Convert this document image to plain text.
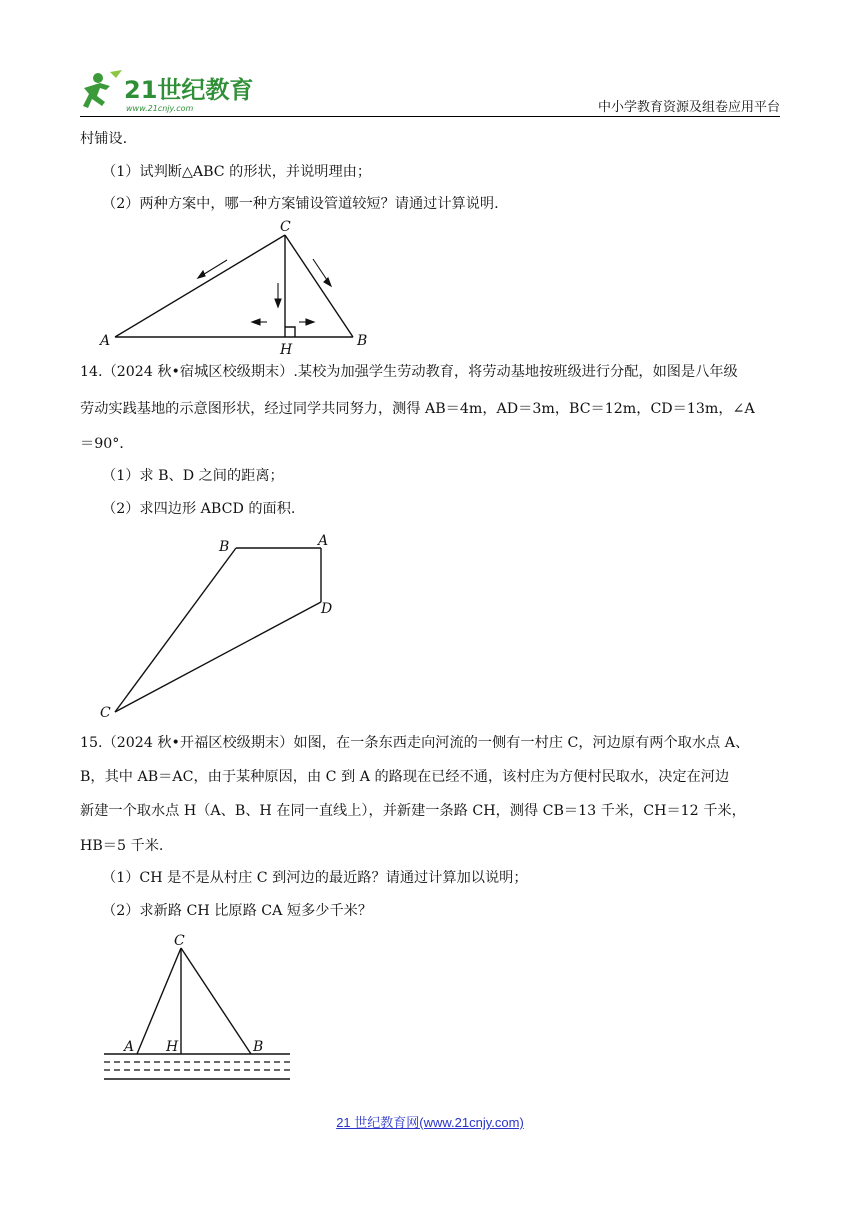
21世纪教育
www.21cnjy.com	中小学教育资源及组卷应用平台
村铺设.
（1）试判断△ABC 的形状，并说明理由；
（2）两种方案中，哪一种方案铺设管道较短？请通过计算说明.
C
A	B
H
14.（2024 秋•宿城区校级期末）.某校为加强学生劳动教育，将劳动基地按班级进行分配，如图是八年级
劳动实践基地的示意图形状，经过同学共同努力，测得 AB＝4m，AD＝3m，BC＝12m，CD＝13m，∠A
＝90°．
（1）求 B、D 之间的距离；
（2）求四边形 ABCD 的面积.
B	A
D
C
15.（2024 秋•开福区校级期末）如图，在一条东西走向河流的一侧有一村庄 C，河边原有两个取水点 A、
B，其中 AB＝AC，由于某种原因，由 C 到 A 的路现在已经不通，该村庄为方便村民取水，决定在河边
新建一个取水点 H（A、B、H 在同一直线上），并新建一条路 CH，测得 CB＝13 千米，CH＝12 千米，
HB＝5 千米.
（1）CH 是不是从村庄 C 到河边的最近路？请通过计算加以说明；
（2）求新路 CH 比原路 CA 短多少千米？
C
A H	B
21 世纪教育网(www.21cnjy.com)
